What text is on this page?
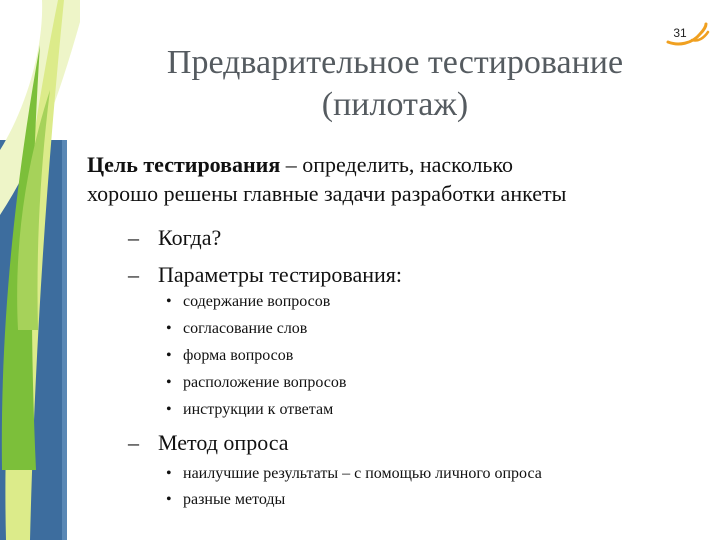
31
Предварительное тестирование
(пилотаж)
Цель тестирования – определить, насколько
хорошо решены главные задачи разработки анкеты
– Когда?
– Параметры тестирования:
• содержание вопросов
• согласование слов
• форма вопросов
• расположение вопросов
• инструкции к ответам
– Метод опроса
• наилучшие результаты – с помощью личного опроса
• разные методы
